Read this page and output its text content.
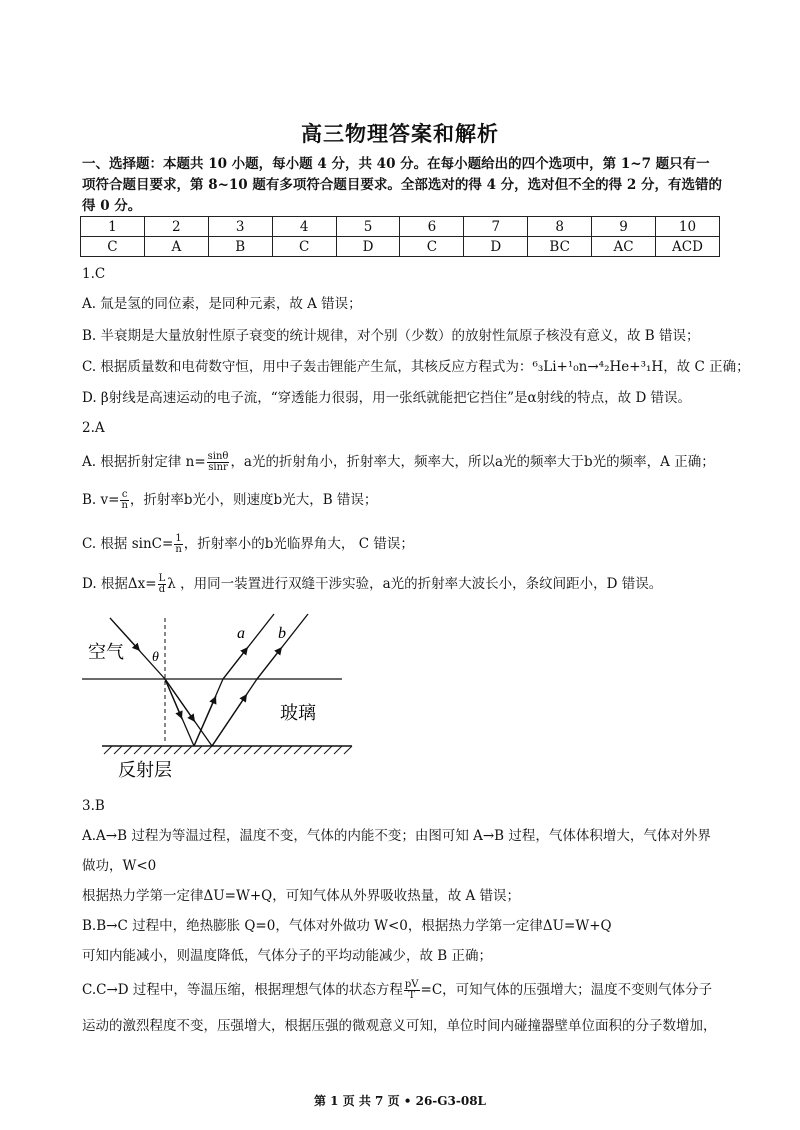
高三物理答案和解析
一、选择题：本题共 10 小题，每小题 4 分，共 40 分。在每小题给出的四个选项中，第 1~7 题只有一项符合题目要求，第 8~10 题有多项符合题目要求。全部选对的得 4 分，选对但不全的得 2 分，有选错的得 0 分。
1	2	3	4	5	6	7	8	9	10
C	A	B	C	D	C	D	BC	AC	ACD
1.C
A. 氚是氢的同位素，是同种元素，故 A 错误；
B. 半衰期是大量放射性原子衰变的统计规律，对个别（少数）的放射性氚原子核没有意义，故 B 错误；
C. 根据质量数和电荷数守恒，用中子轰击锂能产生氚，其核反应方程式为：⁶₃Li+¹₀n→⁴₂He+³₁H，故 C 正确；
D. β射线是高速运动的电子流，“穿透能力很弱，用一张纸就能把它挡住”是α射线的特点，故 D 错误。
2.A
A. 根据折射定律 $n= \frac{\sin\theta}{\sin r}$ ，a光的折射角小，折射率大，频率大，所以a光的频率大于b光的频率，A 正确；
B. $v= \frac{c}{n}$ ，折射率b光小，则速度b光大，B 错误；
C. 根据 $\sin C= \frac{1}{n}$ ，折射率小的b光临界角大， C 错误；
D. 根据$\Delta x= \frac{L}{d}$ λ ，用同一装置进行双缝干涉实验，a光的折射率大波长小，条纹间距小，D 错误。
空气 θ
a b
玻璃
反射层
3.B
A.A→B 过程为等温过程，温度不变，气体的内能不变；由图可知 A→B 过程，气体体积增大，气体对外界
做功，W<0
根据热力学第一定律ΔU=W+Q，可知气体从外界吸收热量，故 A 错误；
B.B→C 过程中，绝热膨胀 Q=0，气体对外做功 W<0，根据热力学第一定律ΔU=W+Q
可知内能减小，则温度降低，气体分子的平均动能减少，故 B 正确；
C.C→D 过程中，等温压缩，根据理想气体的状态方程 $\frac{pV}{T} =C$，可知气体的压强增大；温度不变则气体分子
运动的激烈程度不变，压强增大，根据压强的微观意义可知，单位时间内碰撞器壁单位面积的分子数增加，
第 1 页 共 7 页 • 26-G3-08L
